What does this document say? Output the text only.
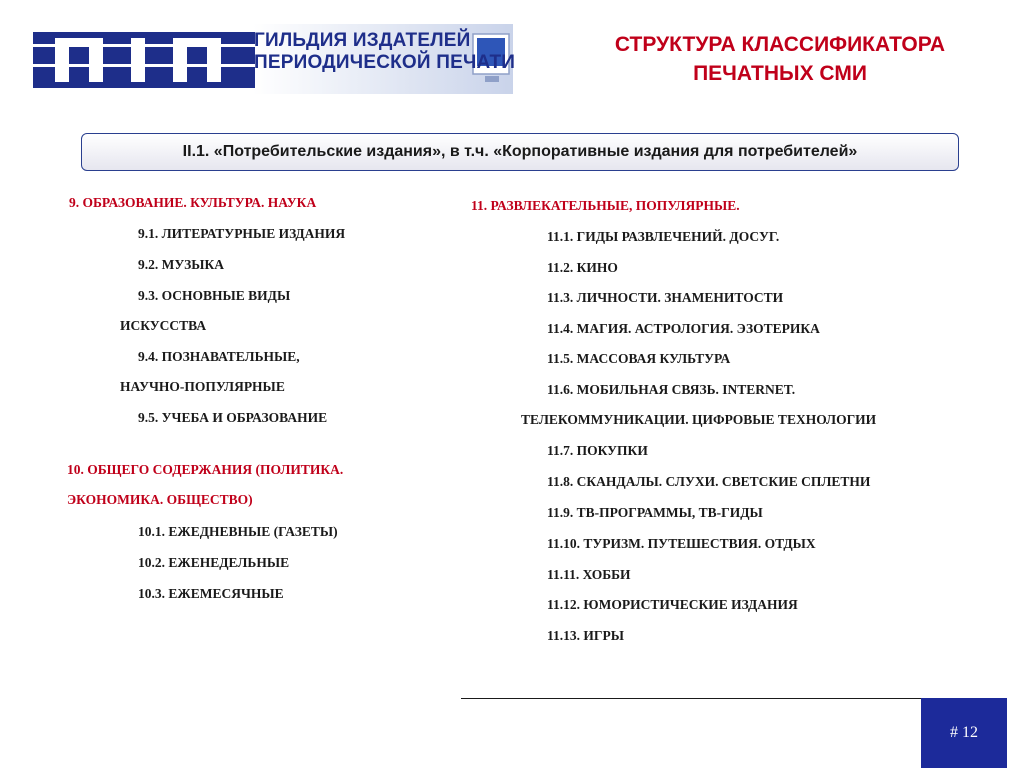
ГИЛЬДИЯ ИЗДАТЕЛЕЙ
ПЕРИОДИЧЕСКОЙ ПЕЧАТИ
СТРУКТУРА КЛАССИФИКАТОРА
ПЕЧАТНЫХ СМИ
II.1. «Потребительские издания», в т.ч. «Корпоративные издания для потребителей»
9. ОБРАЗОВАНИЕ. КУЛЬТУРА. НАУКА
9.1. ЛИТЕРАТУРНЫЕ ИЗДАНИЯ
9.2. МУЗЫКА
9.3. ОСНОВНЫЕ ВИДЫ
ИСКУССТВА
9.4. ПОЗНАВАТЕЛЬНЫЕ,
НАУЧНО-ПОПУЛЯРНЫЕ
9.5. УЧЕБА И ОБРАЗОВАНИЕ
10. ОБЩЕГО СОДЕРЖАНИЯ (ПОЛИТИКА.
ЭКОНОМИКА. ОБЩЕСТВО)
10.1. ЕЖЕДНЕВНЫЕ (ГАЗЕТЫ)
10.2. ЕЖЕНЕДЕЛЬНЫЕ
10.3. ЕЖЕМЕСЯЧНЫЕ
11. РАЗВЛЕКАТЕЛЬНЫЕ, ПОПУЛЯРНЫЕ.
11.1. ГИДЫ РАЗВЛЕЧЕНИЙ. ДОСУГ.
11.2. КИНО
11.3. ЛИЧНОСТИ. ЗНАМЕНИТОСТИ
11.4. МАГИЯ. АСТРОЛОГИЯ. ЭЗОТЕРИКА
11.5. МАССОВАЯ КУЛЬТУРА
11.6. МОБИЛЬНАЯ СВЯЗЬ. INTERNET.
ТЕЛЕКОММУНИКАЦИИ. ЦИФРОВЫЕ ТЕХНОЛОГИИ
11.7. ПОКУПКИ
11.8. СКАНДАЛЫ. СЛУХИ. СВЕТСКИЕ СПЛЕТНИ
11.9. ТВ-ПРОГРАММЫ, ТВ-ГИДЫ
11.10. ТУРИЗМ. ПУТЕШЕСТВИЯ. ОТДЫХ
11.11. ХОББИ
11.12. ЮМОРИСТИЧЕСКИЕ ИЗДАНИЯ
11.13. ИГРЫ
# 12
